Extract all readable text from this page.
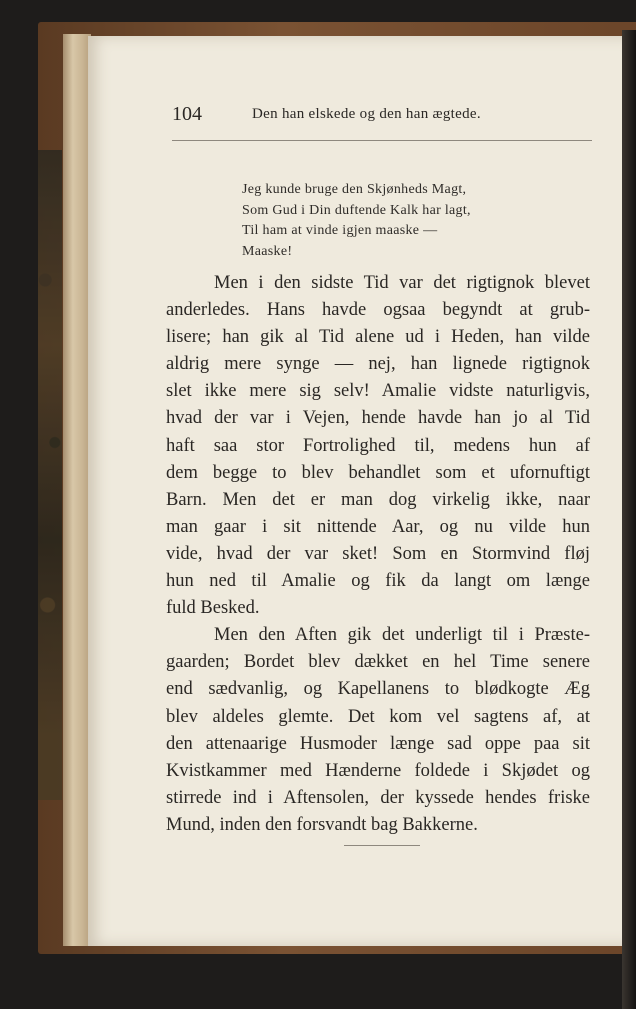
104	Den han elskede og den han ægtede.
Jeg kunde bruge den Skjønheds Magt,
Som Gud i Din duftende Kalk har lagt,
Til ham at vinde igjen maaske —
Maaske!
Men i den sidste Tid var det rigtignok blevet
anderledes. Hans havde ogsaa begyndt at grub-
lisere; han gik al Tid alene ud i Heden, han vilde
aldrig mere synge — nej, han lignede rigtignok
slet ikke mere sig selv! Amalie vidste naturligvis,
hvad der var i Vejen, hende havde han jo al Tid
haft saa stor Fortrolighed til, medens hun af
dem begge to blev behandlet som et ufornuftigt
Barn. Men det er man dog virkelig ikke, naar
man gaar i sit nittende Aar, og nu vilde hun
vide, hvad der var sket! Som en Stormvind fløj
hun ned til Amalie og fik da langt om længe
fuld Besked.
Men den Aften gik det underligt til i Præste-
gaarden; Bordet blev dækket en hel Time senere
end sædvanlig, og Kapellanens to blødkogte Æg
blev aldeles glemte. Det kom vel sagtens af, at
den attenaarige Husmoder længe sad oppe paa sit
Kvistkammer med Hænderne foldede i Skjødet og
stirrede ind i Aftensolen, der kyssede hendes friske
Mund, inden den forsvandt bag Bakkerne.
